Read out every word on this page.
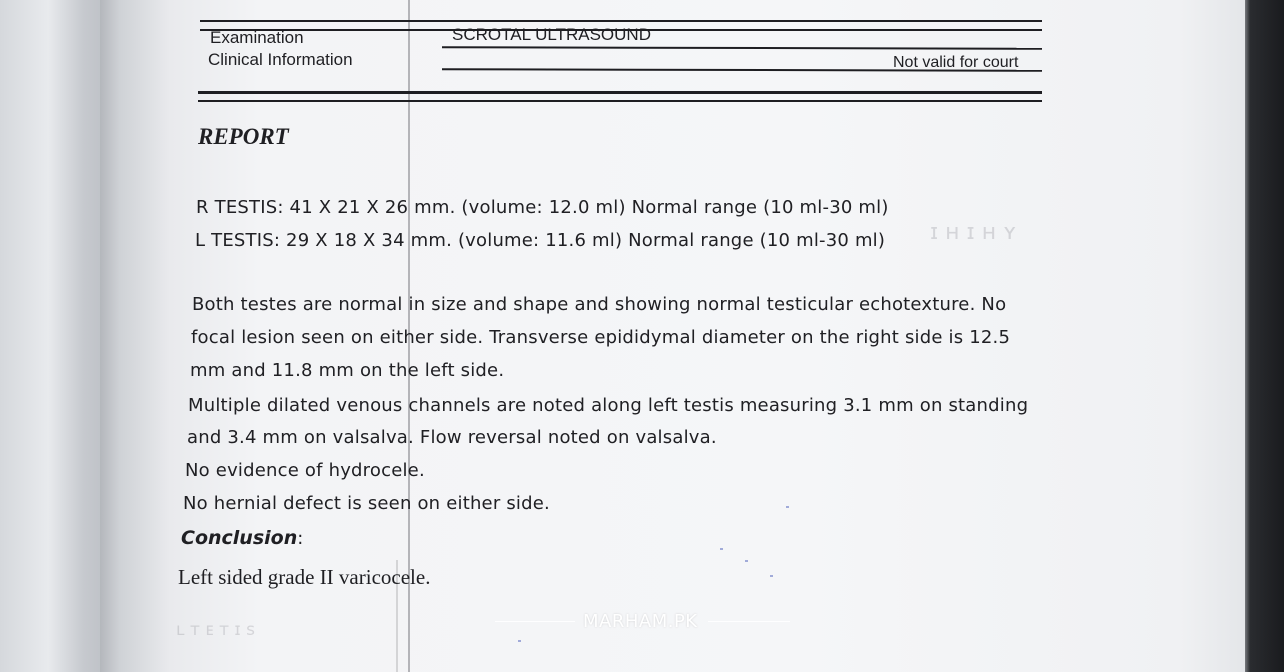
Examination	SCROTAL ULTRASOUND
Clinical Information	Not valid for court
REPORT
ɪ ʜ ɪ ʜ ʏ
R TESTIS: 41 X 21 X 26 mm. (volume: 12.0 ml) Normal range (10 ml-30 ml)
L TESTIS: 29 X 18 X 34 mm. (volume: 11.6 ml) Normal range (10 ml-30 ml)
Both testes are normal in size and shape and showing normal testicular echotexture. No
focal lesion seen on either side. Transverse epididymal diameter on the right side is 12.5
mm and 11.8 mm on the left side.
Multiple dilated venous channels are noted along left testis measuring 3.1 mm on standing
and 3.4 mm on valsalva. Flow reversal noted on valsalva.
No evidence of hydrocele.
No hernial defect is seen on either side.
Conclusion:
Left sided grade II varicocele.
ʟ ᴛ ᴇ ᴛ ɪ s	MARHAM.PK
